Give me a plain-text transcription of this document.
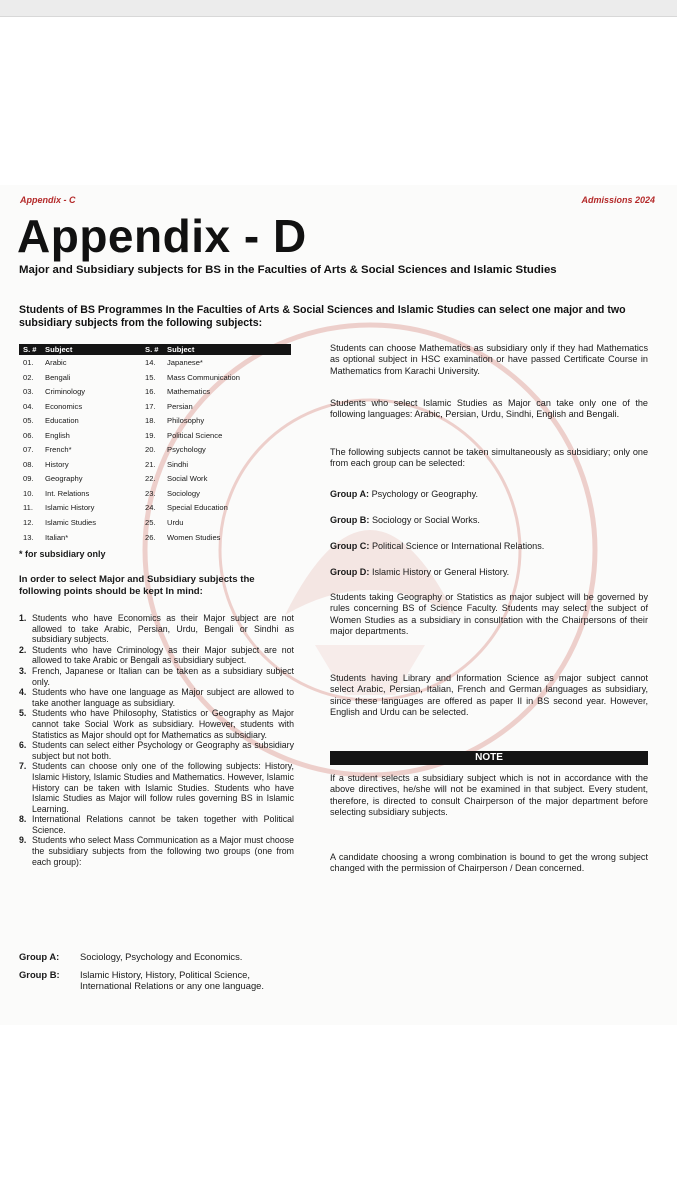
Appendix - C	Admissions 2024
Appendix - D
Major and Subsidiary subjects for BS in the Faculties of Arts & Social Sciences and Islamic Studies
Students of BS Programmes In the Faculties of Arts & Social Sciences and Islamic Studies can select one major and two subsidiary subjects from the following subjects:
S. # Subject	S. # Subject
01. Arabic	14. Japanese*
02. Bengali	15. Mass Communication
03. Criminology	16. Mathematics
04. Economics	17. Persian
05. Education	18. Philosophy
06. English	19. Political Science
07. French*	20. Psychology
08. History	21. Sindhi
09. Geography	22. Social Work
10. Int. Relations	23. Sociology
11. Islamic History	24. Special Education
12. Islamic Studies	25. Urdu
13. Italian*	26. Women Studies
* for subsidiary only
In order to select Major and Subsidiary subjects the following points should be kept In mind:
1. Students who have Economics as their Major subject are not allowed to take Arabic, Persian, Urdu, Bengali or Sindhi as subsidiary subjects.
2. Students who have Criminology as their Major subject are not allowed to take Arabic or Bengali as subsidiary subject.
3. French, Japanese or Italian can be taken as a subsidiary subject only.
4. Students who have one language as Major subject are allowed to take another language as subsidiary.
5. Students who have Philosophy, Statistics or Geography as Major cannot take Social Work as subsidiary. However, students with Statistics as Major should opt for Mathematics as subsidiary.
6. Students can select either Psychology or Geography as subsidiary subject but not both.
7. Students can choose only one of the following subjects: History, Islamic History, Islamic Studies and Mathematics. However, Islamic History can be taken with Islamic Studies. Students who have Islamic Studies as Major will follow rules governing BS in Islamic Learning.
8. International Relations cannot be taken together with Political Science.
9. Students who select Mass Communication as a Major must choose the subsidiary subjects from the following two groups (one from each group):
Group A:	Sociology, Psychology and Economics.
Group B:	Islamic History, History, Political Science, International Relations or any one language.
Students can choose Mathematics as subsidiary only if they had Mathematics as optional subject in HSC examination or have passed Certificate Course in Mathematics from Karachi University.
Students who select Islamic Studies as Major can take only one of the following languages: Arabic, Persian, Urdu, Sindhi, English and Bengali.
The following subjects cannot be taken simultaneously as subsidiary; only one from each group can be selected:
Group A: Psychology or Geography.
Group B: Sociology or Social Works.
Group C: Political Science or International Relations.
Group D: Islamic History or General History.
Students taking Geography or Statistics as major subject will be governed by rules concerning BS of Science Faculty. Students may select the subject of Women Studies as a subsidiary in consultation with the Chairpersons of their major departments.
Students having Library and Information Science as major subject cannot select Arabic, Persian, Italian, French and German languages as subsidiary, since these languages are offered as paper II in BS second year. However, English and Urdu can be selected.
NOTE
If a student selects a subsidiary subject which is not in accordance with the above directives, he/she will not be examined in that subject. Every student, therefore, is directed to consult Chairperson of the major department before selecting subsidiary subjects.
A candidate choosing a wrong combination is bound to get the wrong subject changed with the permission of Chairperson / Dean concerned.
